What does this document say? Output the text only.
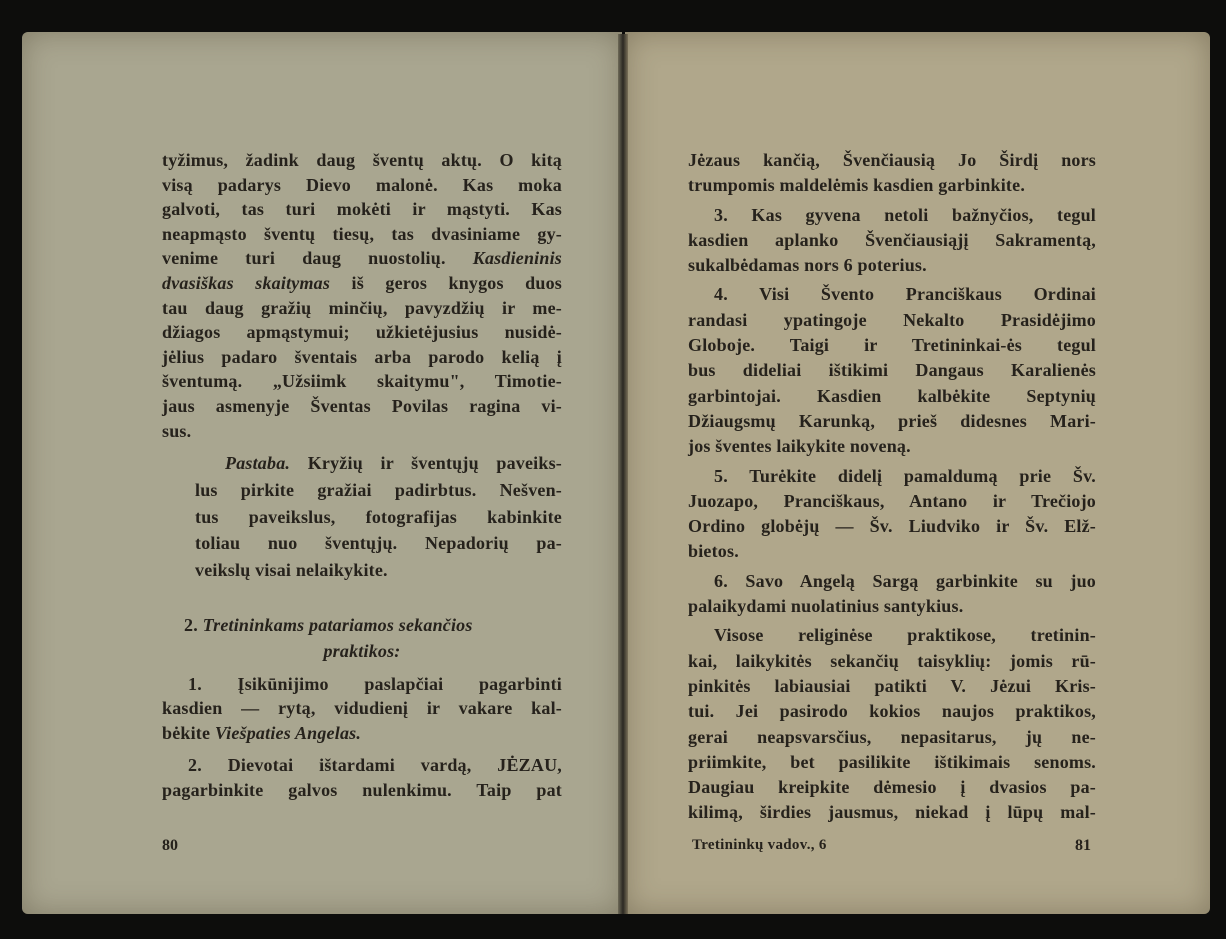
tyžimus, žadink daug šventų aktų. O kitą
visą padarys Dievo malonė. Kas moka
galvoti, tas turi mokėti ir mąstyti. Kas
neapmąsto šventų tiesų, tas dvasiniame gy-
venime turi daug nuostolių. Kasdieninis
dvasiškas skaitymas iš geros knygos duos
tau daug gražių minčių, pavyzdžių ir me-
džiagos apmąstymui; užkietėjusius nusidė-
jėlius padaro šventais arba parodo kelią į
šventumą. „Užsiimk skaitymu", Timotie-
jaus asmenyje Šventas Povilas ragina vi-
sus.
Pastaba. Kryžių ir šventųjų paveiks-
lus pirkite gražiai padirbtus. Nešven-
tus paveikslus, fotografijas kabinkite
toliau nuo šventųjų. Nepadorių pa-
veikslų visai nelaikykite.
2. Tretininkams patariamos sekančios
praktikos:
1. Įsikūnijimo paslapčiai pagarbinti
kasdien — rytą, vidudienį ir vakare kal-
bėkite Viešpaties Angelas.
2. Dievotai ištardami vardą, JĖZAU,
pagarbinkite galvos nulenkimu. Taip pat
80
Jėzaus kančią, Švenčiausią Jo Širdį nors
trumpomis maldelėmis kasdien garbinkite.
3. Kas gyvena netoli bažnyčios, tegul
kasdien aplanko Švenčiausiąjį Sakramentą,
sukalbėdamas nors 6 poterius.
4. Visi Švento Pranciškaus Ordinai
randasi ypatingoje Nekalto Prasidėjimo
Globoje. Taigi ir Tretininkai-ės tegul
bus dideliai ištikimi Dangaus Karalienės
garbintojai. Kasdien kalbėkite Septynių
Džiaugsmų Karunką, prieš didesnes Mari-
jos šventes laikykite noveną.
5. Turėkite didelį pamaldumą prie Šv.
Juozapo, Pranciškaus, Antano ir Trečiojo
Ordino globėjų — Šv. Liudviko ir Šv. Elž-
bietos.
6. Savo Angelą Sargą garbinkite su juo
palaikydami nuolatinius santykius.
Visose religinėse praktikose, tretinin-
kai, laikykitės sekančių taisyklių: jomis rū-
pinkitės labiausiai patikti V. Jėzui Kris-
tui. Jei pasirodo kokios naujos praktikos,
gerai neapsvarsčius, nepasitarus, jų ne-
priimkite, bet pasilikite ištikimais senoms.
Daugiau kreipkite dėmesio į dvasios pa-
kilimą, širdies jausmus, niekad į lūpų mal-
Tretininkų vadov., 6	81
